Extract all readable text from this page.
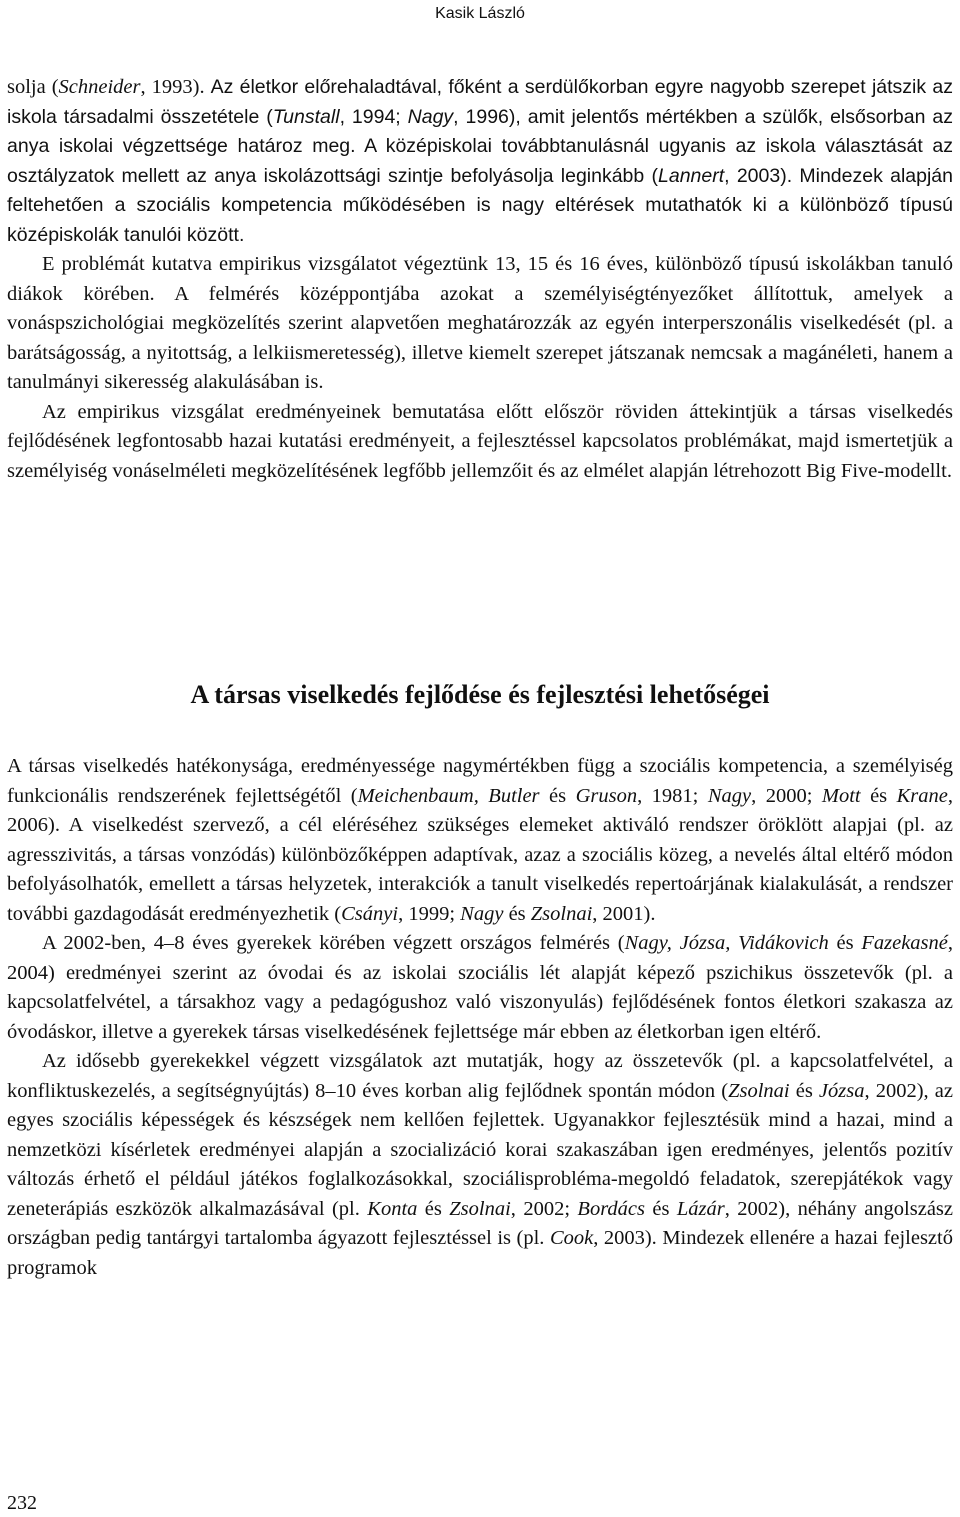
Kasik László

solja (Schneider, 1993). Az életkor előrehaladtával, főként a serdülőkorban egyre nagyobb szerepet játszik az iskola társadalmi összetétele (Tunstall, 1994; Nagy, 1996), amit jelentős mértékben a szülők, elsősorban az anya iskolai végzettsége határoz meg. A középiskolai továbbtanulásnál ugyanis az iskola választását az osztályzatok mellett az anya iskolázottsági szintje befolyásolja leginkább (Lannert, 2003). Mindezek alapján feltehetően a szociális kompetencia működésében is nagy eltérések mutathatók ki a különböző típusú középiskolák tanulói között.

E problémát kutatva empirikus vizsgálatot végeztünk 13, 15 és 16 éves, különböző típusú iskolákban tanuló diákok körében. A felmérés középpontjába azokat a személyiségtényezőket állítottuk, amelyek a vonáspszichológiai megközelítés szerint alapvetően meghatározzák az egyén interperszonális viselkedését (pl. a barátságosság, a nyitottság, a lelkiismeretesség), illetve kiemelt szerepet játszanak nemcsak a magánéleti, hanem a tanulmányi sikeresség alakulásában is.

Az empirikus vizsgálat eredményeinek bemutatása előtt először röviden áttekintjük a társas viselkedés fejlődésének legfontosabb hazai kutatási eredményeit, a fejlesztéssel kapcsolatos problémákat, majd ismertetjük a személyiség vonáselméleti megközelítésének legfőbb jellemzőit és az elmélet alapján létrehozott Big Five-modellt.

A társas viselkedés fejlődése és fejlesztési lehetőségei

A társas viselkedés hatékonysága, eredményessége nagymértékben függ a szociális kompetencia, a személyiség funkcionális rendszerének fejlettségétől (Meichenbaum, Butler és Gruson, 1981; Nagy, 2000; Mott és Krane, 2006). A viselkedést szervező, a cél eléréséhez szükséges elemeket aktiváló rendszer öröklött alapjai (pl. az agresszivitás, a társas vonzódás) különbözőképpen adaptívak, azaz a szociális közeg, a nevelés által eltérő módon befolyásolhatók, emellett a társas helyzetek, interakciók a tanult viselkedés repertoárjának kialakulását, a rendszer további gazdagodását eredményezhetik (Csányi, 1999; Nagy és Zsolnai, 2001).

A 2002-ben, 4–8 éves gyerekek körében végzett országos felmérés (Nagy, Józsa, Vidákovich és Fazekasné, 2004) eredményei szerint az óvodai és az iskolai szociális lét alapját képező pszichikus összetevők (pl. a kapcsolatfelvétel, a társakhoz vagy a pedagógushoz való viszonyulás) fejlődésének fontos életkori szakasza az óvodáskor, illetve a gyerekek társas viselkedésének fejlettsége már ebben az életkorban igen eltérő.

Az idősebb gyerekekkel végzett vizsgálatok azt mutatják, hogy az összetevők (pl. a kapcsolatfelvétel, a konfliktuskezelés, a segítségnyújtás) 8–10 éves korban alig fejlődnek spontán módon (Zsolnai és Józsa, 2002), az egyes szociális képességek és készségek nem kellően fejlettek. Ugyanakkor fejlesztésük mind a hazai, mind a nemzetközi kísérletek eredményei alapján a szocializáció korai szakaszában igen eredményes, jelentős pozitív változás érhető el például játékos foglalkozásokkal, szociálisprobléma-megoldó feladatok, szerepjátékok vagy zeneterápiás eszközök alkalmazásával (pl. Konta és Zsolnai, 2002; Bordács és Lázár, 2002), néhány angolszász országban pedig tantárgyi tartalomba ágyazott fejlesztéssel is (pl. Cook, 2003). Mindezek ellenére a hazai fejlesztő programok

232
